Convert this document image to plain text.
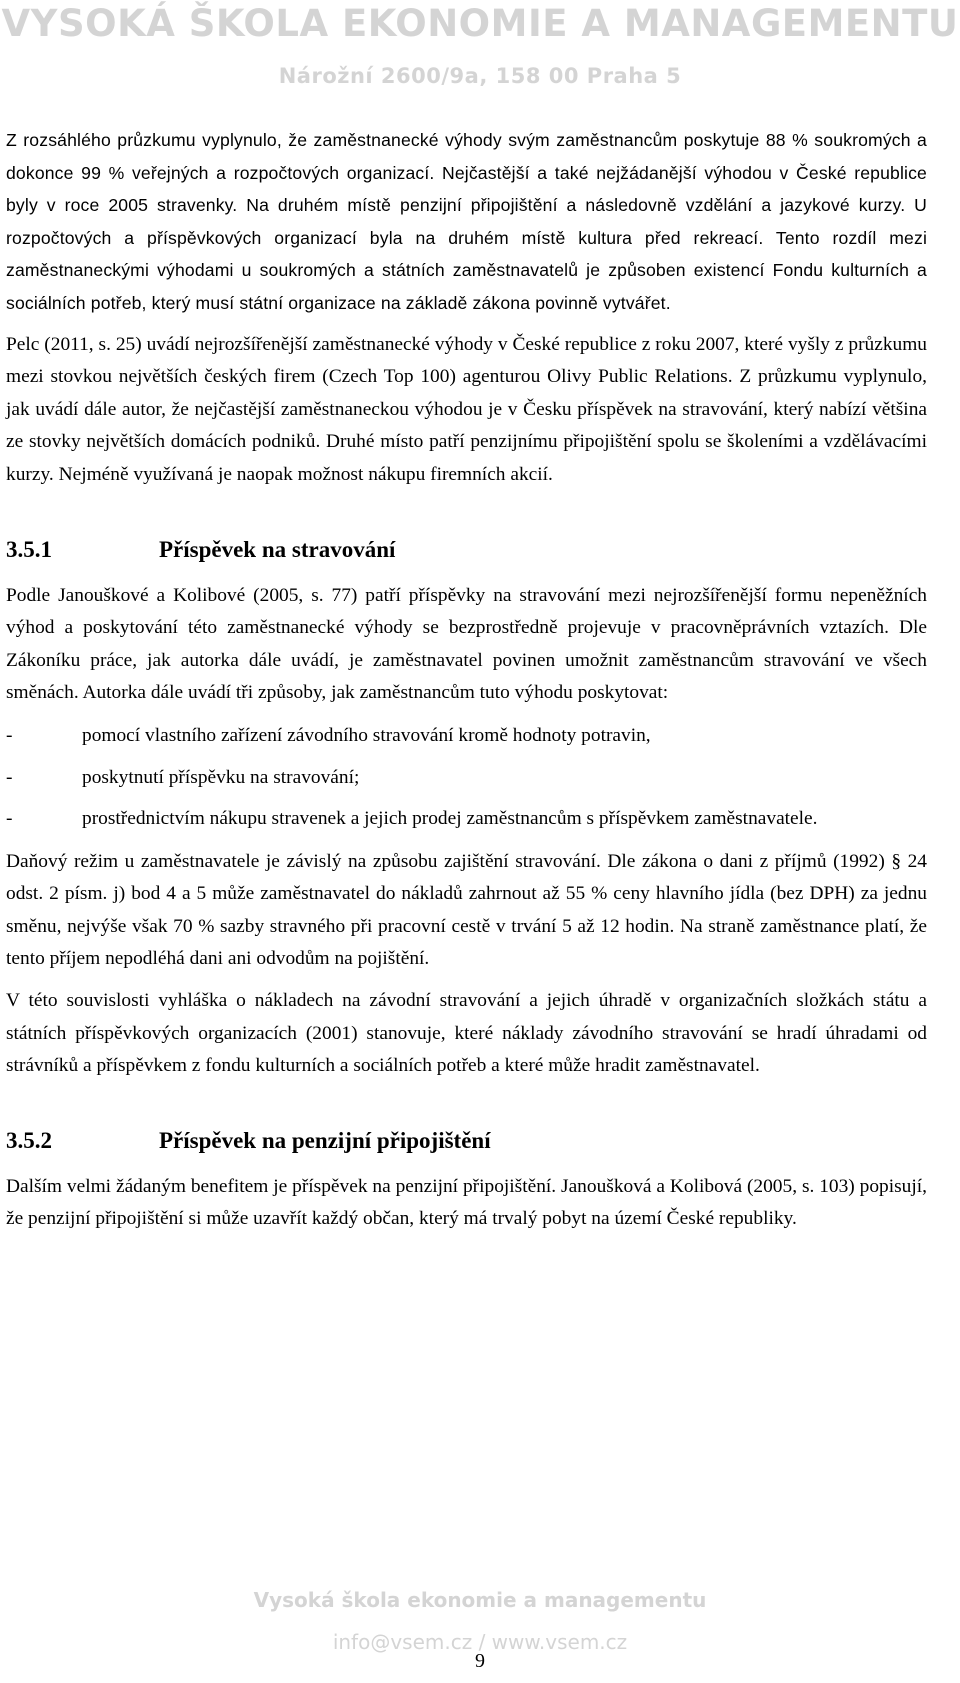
VYSOKÁ ŠKOLA EKONOMIE A MANAGEMENTU
Nárožní 2600/9a, 158 00 Praha 5

Z rozsáhlého průzkumu vyplynulo, že zaměstnanecké výhody svým zaměstnancům poskytuje 88 % soukromých a dokonce 99 % veřejných a rozpočtových organizací. Nejčastější a také nejžádanější výhodou v České republice byly v roce 2005 stravenky. Na druhém místě penzijní připojištění a následovně vzdělání a jazykové kurzy. U rozpočtových a příspěvkových organizací byla na druhém místě kultura před rekreací. Tento rozdíl mezi zaměstnaneckými výhodami u soukromých a státních zaměstnavatelů je způsoben existencí Fondu kulturních a sociálních potřeb, který musí státní organizace na základě zákona povinně vytvářet.

Pelc (2011, s. 25) uvádí nejrozšířenější zaměstnanecké výhody v České republice z roku 2007, které vyšly z průzkumu mezi stovkou největších českých firem (Czech Top 100) agenturou Olivy Public Relations. Z průzkumu vyplynulo, jak uvádí dále autor, že nejčastější zaměstnaneckou výhodou je v Česku příspěvek na stravování, který nabízí většina ze stovky největších domácích podniků. Druhé místo patří penzijnímu připojištění spolu se školeními a vzdělávacími kurzy. Nejméně využívaná je naopak možnost nákupu firemních akcií.

3.5.1	Příspěvek na stravování

Podle Janouškové a Kolibové (2005, s. 77) patří příspěvky na stravování mezi nejrozšířenější formu nepeněžních výhod a poskytování této zaměstnanecké výhody se bezprostředně projevuje v pracovněprávních vztazích. Dle Zákoníku práce, jak autorka dále uvádí, je zaměstnavatel povinen umožnit zaměstnancům stravování ve všech směnách. Autorka dále uvádí tři způsoby, jak zaměstnancům tuto výhodu poskytovat:

-	pomocí vlastního zařízení závodního stravování kromě hodnoty potravin,
-	poskytnutí příspěvku na stravování;
-	prostřednictvím nákupu stravenek a jejich prodej zaměstnancům s příspěvkem zaměstnavatele.

Daňový režim u zaměstnavatele je závislý na způsobu zajištění stravování. Dle zákona o dani z příjmů (1992) § 24 odst. 2 písm. j) bod 4 a 5 může zaměstnavatel do nákladů zahrnout až 55 % ceny hlavního jídla (bez DPH) za jednu směnu, nejvýše však 70 % sazby stravného při pracovní cestě v trvání 5 až 12 hodin. Na straně zaměstnance platí, že tento příjem nepodléhá dani ani odvodům na pojištění.

V této souvislosti vyhláška o nákladech na závodní stravování a jejich úhradě v organizačních složkách státu a státních příspěvkových organizacích (2001) stanovuje, které náklady závodního stravování se hradí úhradami od strávníků a příspěvkem z fondu kulturních a sociálních potřeb a které může hradit zaměstnavatel.

3.5.2	Příspěvek na penzijní připojištění

Dalším velmi žádaným benefitem je příspěvek na penzijní připojištění. Janoušková a Kolibová (2005, s. 103) popisují, že penzijní připojištění si může uzavřít každý občan, který má trvalý pobyt na území České republiky.

Vysoká škola ekonomie a managementu
info@vsem.cz / www.vsem.cz
9
